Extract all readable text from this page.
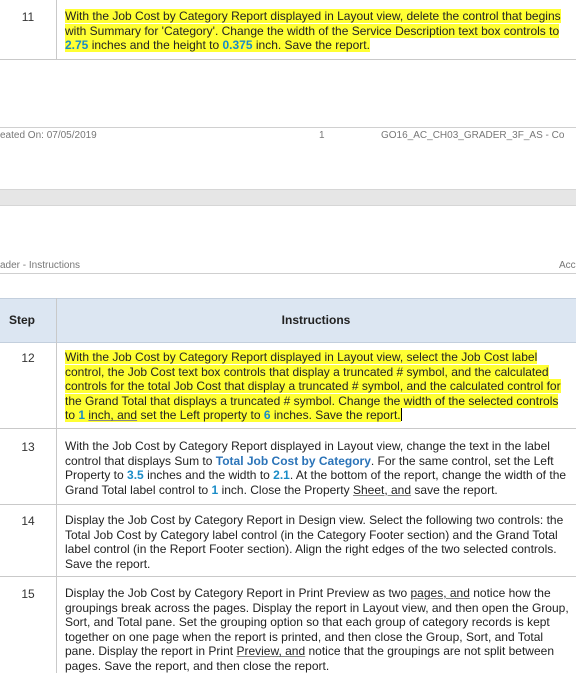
11	With the Job Cost by Category Report displayed in Layout view, delete the control that begins with Summary for 'Category'. Change the width of the Service Description text box controls to 2.75 inches and the height to 0.375 inch. Save the report.
eated On: 07/05/2019	1	GO16_AC_CH03_GRADER_3F_AS - Co
ader - Instructions	Acc
Step	Instructions
12	With the Job Cost by Category Report displayed in Layout view, select the Job Cost label control, the Job Cost text box controls that display a truncated # symbol, and the calculated controls for the total Job Cost that display a truncated # symbol, and the calculated control for the Grand Total that displays a truncated # symbol. Change the width of the selected controls to 1 inch, and set the Left property to 6 inches. Save the report.
13	With the Job Cost by Category Report displayed in Layout view, change the text in the label control that displays Sum to Total Job Cost by Category. For the same control, set the Left Property to 3.5 inches and the width to 2.1. At the bottom of the report, change the width of the Grand Total label control to 1 inch. Close the Property Sheet, and save the report.
14	Display the Job Cost by Category Report in Design view. Select the following two controls: the Total Job Cost by Category label control (in the Category Footer section) and the Grand Total label control (in the Report Footer section). Align the right edges of the two selected controls. Save the report.
15	Display the Job Cost by Category Report in Print Preview as two pages, and notice how the groupings break across the pages. Display the report in Layout view, and then open the Group, Sort, and Total pane. Set the grouping option so that each group of category records is kept together on one page when the report is printed, and then close the Group, Sort, and Total pane. Display the report in Print Preview, and notice that the groupings are not split between pages. Save the report, and then close the report.
